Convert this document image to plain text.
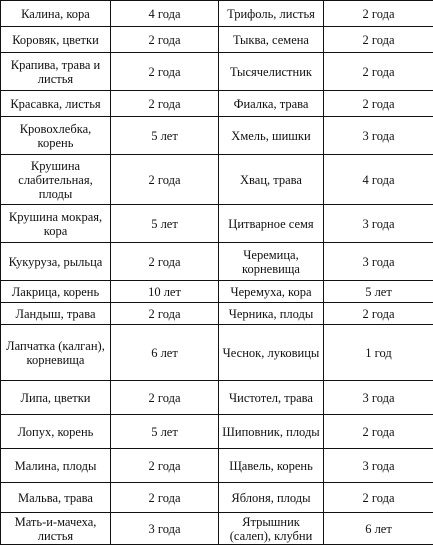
Калина, кора	4 года	Трифоль, листья	2 года
Коровяк, цветки	2 года	Тыква, семена	2 года
Крапива, трава и листья	2 года	Тысячелистник	2 года
Красавка, листья	2 года	Фиалка, трава	2 года
Кровохлебка, корень	5 лет	Хмель, шишки	3 года
Крушина слабительная, плоды	2 года	Хвац, трава	4 года
Крушина мокрая, кора	5 лет	Цитварное семя	3 года
Кукуруза, рыльца	2 года	Черемица, корневища	3 года
Лакрица, корень	10 лет	Черемуха, кора	5 лет
Ландыш, трава	2 года	Черника, плоды	2 года
Лапчатка (калган), корневища	6 лет	Чеснок, луковицы	1 год
Липа, цветки	2 года	Чистотел, трава	3 года
Лопух, корень	5 лет	Шиповник, плоды	2 года
Малина, плоды	2 года	Щавель, корень	3 года
Мальва, трава	2 года	Яблоня, плоды	2 года
Мать-и-мачеха, листья	3 года	Ятрышник (салеп), клубни	6 лет
